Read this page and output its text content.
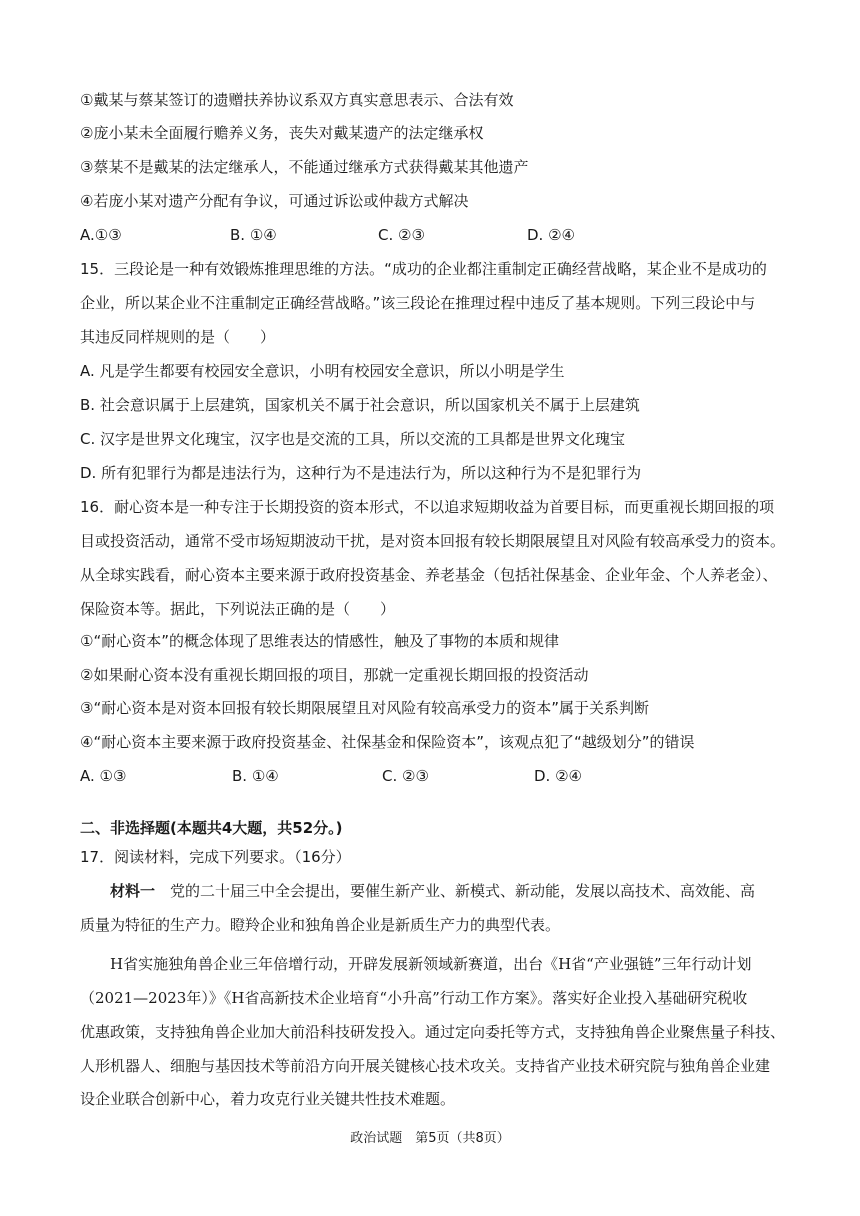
①戴某与蔡某签订的遗赠扶养协议系双方真实意思表示、合法有效
②庞小某未全面履行赡养义务，丧失对戴某遗产的法定继承权
③蔡某不是戴某的法定继承人，不能通过继承方式获得戴某其他遗产
④若庞小某对遗产分配有争议，可通过诉讼或仲裁方式解决
A.①③	B. ①④	C. ②③	D. ②④
15．三段论是一种有效锻炼推理思维的方法。“成功的企业都注重制定正确经营战略，某企业不是成功的
企业，所以某企业不注重制定正确经营战略。”该三段论在推理过程中违反了基本规则。下列三段论中与
其违反同样规则的是（　　）
A. 凡是学生都要有校园安全意识，小明有校园安全意识，所以小明是学生
B. 社会意识属于上层建筑，国家机关不属于社会意识，所以国家机关不属于上层建筑
C. 汉字是世界文化瑰宝，汉字也是交流的工具，所以交流的工具都是世界文化瑰宝
D. 所有犯罪行为都是违法行为，这种行为不是违法行为，所以这种行为不是犯罪行为
16．耐心资本是一种专注于长期投资的资本形式，不以追求短期收益为首要目标，而更重视长期回报的项
目或投资活动，通常不受市场短期波动干扰，是对资本回报有较长期限展望且对风险有较高承受力的资本。
从全球实践看，耐心资本主要来源于政府投资基金、养老基金（包括社保基金、企业年金、个人养老金）、
保险资本等。据此，下列说法正确的是（　　）
①“耐心资本”的概念体现了思维表达的情感性，触及了事物的本质和规律
②如果耐心资本没有重视长期回报的项目，那就一定重视长期回报的投资活动
③“耐心资本是对资本回报有较长期限展望且对风险有较高承受力的资本”属于关系判断
④“耐心资本主要来源于政府投资基金、社保基金和保险资本”，该观点犯了“越级划分”的错误
A. ①③	B. ①④	C. ②③	D. ②④
二、非选择题(本题共4大题，共52分。)
17．阅读材料，完成下列要求。（16分）
材料一　 党的二十届三中全会提出，要催生新产业、新模式、新动能，发展以高技术、高效能、高
质量为特征的生产力。瞪羚企业和独角兽企业是新质生产力的典型代表。
H省实施独角兽企业三年倍增行动，开辟发展新领域新赛道，出台《H省“产业强链”三年行动计划
（2021—2023年）》《H省高新技术企业培育“小升高”行动工作方案》。落实好企业投入基础研究税收
优惠政策，支持独角兽企业加大前沿科技研发投入。通过定向委托等方式，支持独角兽企业聚焦量子科技、
人形机器人、细胞与基因技术等前沿方向开展关键核心技术攻关。支持省产业技术研究院与独角兽企业建
设企业联合创新中心，着力攻克行业关键共性技术难题。
政治试题　第5页（共8页）
